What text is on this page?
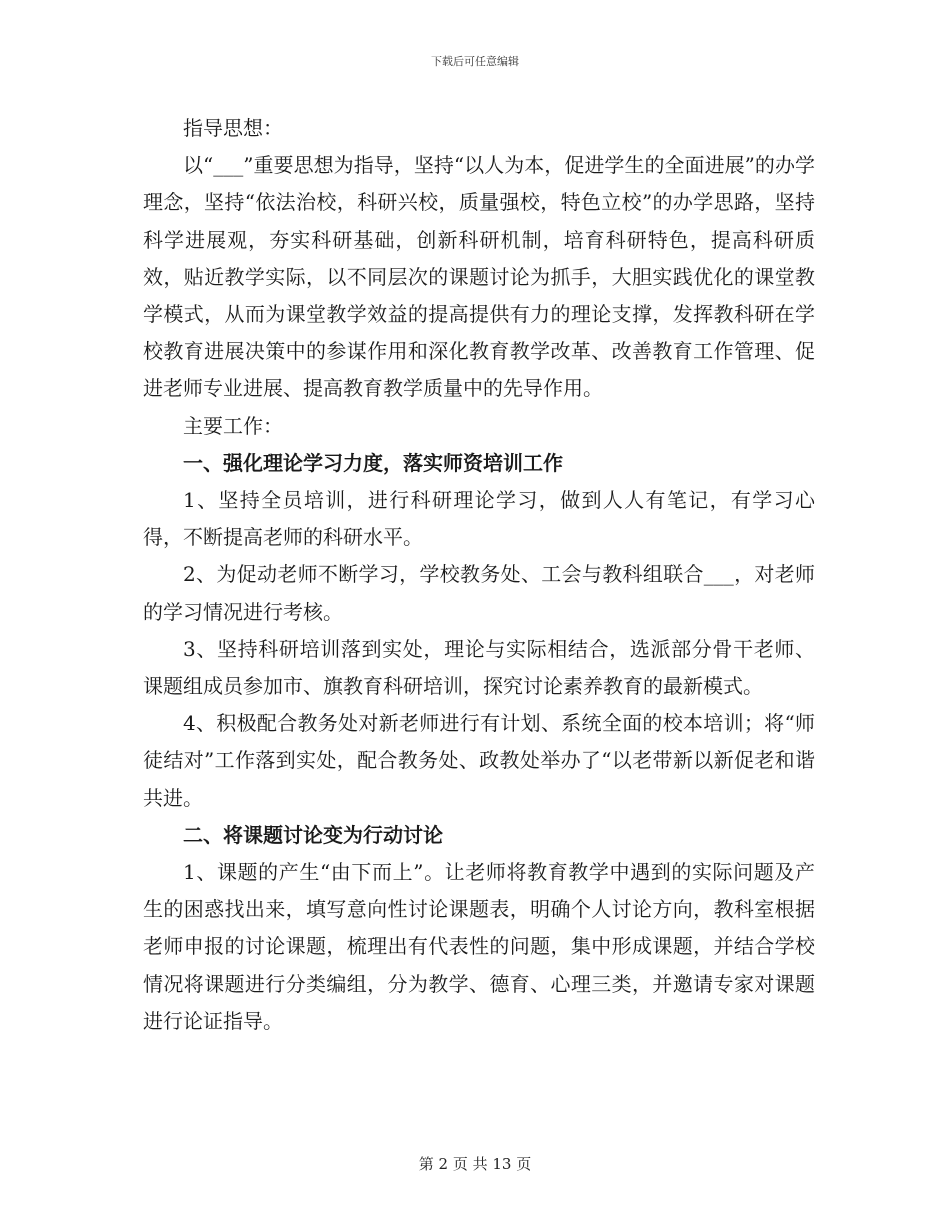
下载后可任意编辑

指导思想：

以“___”重要思想为指导，坚持“以人为本，促进学生的全面进展”的办学理念，坚持“依法治校，科研兴校，质量强校，特色立校”的办学思路，坚持科学进展观，夯实科研基础，创新科研机制，培育科研特色，提高科研质效，贴近教学实际，以不同层次的课题讨论为抓手，大胆实践优化的课堂教学模式，从而为课堂教学效益的提高提供有力的理论支撑，发挥教科研在学校教育进展决策中的参谋作用和深化教育教学改革、改善教育工作管理、促进老师专业进展、提高教育教学质量中的先导作用。

主要工作：

一、强化理论学习力度，落实师资培训工作

1、坚持全员培训，进行科研理论学习，做到人人有笔记，有学习心得，不断提高老师的科研水平。

2、为促动老师不断学习，学校教务处、工会与教科组联合___，对老师的学习情况进行考核。

3、坚持科研培训落到实处，理论与实际相结合，选派部分骨干老师、课题组成员参加市、旗教育科研培训，探究讨论素养教育的最新模式。

4、积极配合教务处对新老师进行有计划、系统全面的校本培训；将“师徒结对”工作落到实处，配合教务处、政教处举办了“以老带新以新促老和谐共进。

二、将课题讨论变为行动讨论

1、课题的产生“由下而上”。让老师将教育教学中遇到的实际问题及产生的困惑找出来，填写意向性讨论课题表，明确个人讨论方向，教科室根据老师申报的讨论课题，梳理出有代表性的问题，集中形成课题，并结合学校情况将课题进行分类编组，分为教学、德育、心理三类，并邀请专家对课题进行论证指导。

第 2 页 共 13 页
